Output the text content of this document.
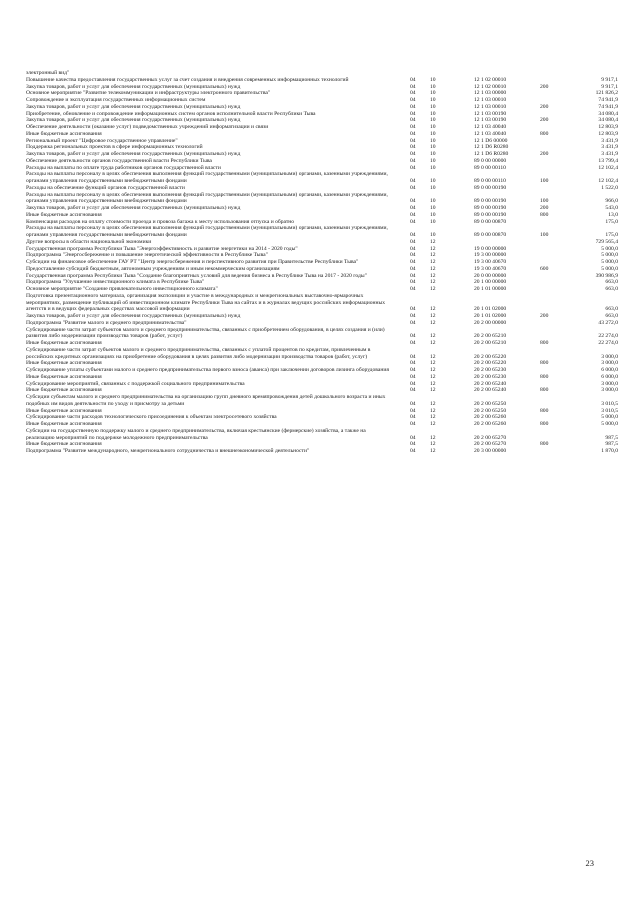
электронный вид"
Повышение качества предоставления государственных услуг за счет создания и внедрения современных информационных технологий	04	10	12 1 02 00010	9 917,1
Закупка товаров, работ и услуг для обеспечения государственных (муниципальных) нужд	04	10	12 1 02 00010	200	9 917,1
Основное мероприятие "Развитие телекоммуникации и инфраструктуры электронного правительства"	04	10	12 1 03 00000	121 826,2
Сопровождение и эксплуатация государственных информационных систем	04	10	12 1 03 00010	74 941,9
Закупка товаров, работ и услуг для обеспечения государственных (муниципальных) нужд	04	10	12 1 03 00010	200	74 941,9
Приобретение, обновление и сопровождение информационных систем органов исполнительной власти Республики Тыва	04	10	12 1 03 00190	34 080,4
Закупка товаров, работ и услуг для обеспечения государственных (муниципальных) нужд	04	10	12 1 03 00190	200	34 080,4
Обеспечение деятельности (оказание услуг) подведомственных учреждений информатизации и связи	04	10	12 1 03 40040	12 803,9
Иные бюджетные ассигнования	04	10	12 1 03 40040	800	12 803,9
Региональный проект "Цифровое государственное управление"	04	10	12 1 D6 00000	3 431,9
Поддержка региональных проектов в сфере информационных технологий	04	10	12 1 D6 R0280	3 431,9
Закупка товаров, работ и услуг для обеспечения государственных (муниципальных) нужд	04	10	12 1 D6 R0280	200	3 431,9
Обеспечение деятельности органов государственной власти Республики Тыва	04	10	89 0 00 00000	13 799,4
Расходы на выплаты по оплате труда работников органов государственной власти	04	10	89 0 00 00110	12 102,4
Расходы на выплаты персоналу в целях обеспечения выполнения функций государственными (муниципальными) органами, казенными учреждениями, органами управления государственными внебюджетными фондами	04	10	89 0 00 00110	100	12 102,4
Расходы на обеспечение функций органов государственной власти	04	10	89 0 00 00190	1 522,0
Расходы на выплаты персоналу в целях обеспечения выполнения функций государственными (муниципальными) органами, казенными учреждениями, органами управления государственными внебюджетными фондами	04	10	89 0 00 00190	100	966,0
Закупка товаров, работ и услуг для обеспечения государственных (муниципальных) нужд	04	10	89 0 00 00190	200	543,0
Иные бюджетные ассигнования	04	10	89 0 00 00190	800	13,0
Компенсация расходов на оплату стоимости проезда и провоза багажа к месту использования отпуска и обратно	04	10	89 0 00 00870	175,0
Расходы на выплаты персоналу в целях обеспечения выполнения функций государственными (муниципальными) органами, казенными учреждениями, органами управления государственными внебюджетными фондами	04	10	89 0 00 00870	100	175,0
Другие вопросы в области национальной экономики	04	12	729 565,4
Государственная программа Республики Тыва "Энергоэффективность и развитие энергетики на 2014 - 2020 годы"	04	12	19 0 00 00000	5 000,0
Подпрограмма "Энергосбережение и повышение энергетической эффективности в Республике Тыва"	04	12	19 3 00 00000	5 000,0
Субсидии на финансовое обеспечение ГАУ РТ "Центр энергосбережения и перспективного развития при Правительстве Республики Тыва"	04	12	19 3 00 40670	5 000,0
Предоставление субсидий бюджетным, автономным учреждениям и иным некоммерческим организациям	04	12	19 3 00 40670	600	5 000,0
Государственная программа Республики Тыва "Создание благоприятных условий для ведения бизнеса в Республике Тыва на 2017 - 2020 годы"	04	12	20 0 00 00000	390 986,9
Подпрограмма "Улучшение инвестиционного климата в Республике Тыва"	04	12	20 1 00 00000	663,0
Основное мероприятие "Создание привлекательного инвестиционного климата"	04	12	20 1 01 00000	663,0
Подготовка презентационного материала, организация экспозиции и участие в международных и межрегиональных выставочно-ярмарочных мероприятиях, размещение публикаций об инвестиционном климате Республики Тыва на сайтах и в журналах ведущих российских информационных агентств и в ведущих федеральных средствах массовой информации	04	12	20 1 01 02000	663,0
Закупка товаров, работ и услуг для обеспечения государственных (муниципальных) нужд	04	12	20 1 01 02000	200	663,0
Подпрограмма "Развитие малого и среднего предпринимательства"	04	12	20 2 00 00000	43 272,0
Субсидирование части затрат субъектов малого и среднего предпринимательства, связанных с приобретением оборудования, в целях создания и (или) развития либо модернизации производства товаров (работ, услуг)	04	12	20 2 00 65210	22 274,0
Иные бюджетные ассигнования	04	12	20 2 00 65210	800	22 274,0
Субсидирование части затрат субъектов малого и среднего предпринимательства, связанных с уплатой процентов по кредитам, привлеченным в российских кредитных организациях на приобретение оборудования в целях развития либо модернизации производства товаров (работ, услуг)	04	12	20 2 00 65220	3 000,0
Иные бюджетные ассигнования	04	12	20 2 00 65220	800	3 000,0
Субсидирование уплаты субъектами малого и среднего предпринимательства первого взноса (аванса) при заключении договоров лизинга оборудования	04	12	20 2 00 65230	6 000,0
Иные бюджетные ассигнования	04	12	20 2 00 65230	800	6 000,0
Субсидирование мероприятий, связанных с поддержкой социального предпринимательства	04	12	20 2 00 65240	3 000,0
Иные бюджетные ассигнования	04	12	20 2 00 65240	800	3 000,0
Субсидии субъектам малого и среднего предпринимательства на организацию групп дневного времяпровождения детей дошкольного возраста и иных подобных им видов деятельности по уходу и присмотру за детьми	04	12	20 2 00 65250	3 010,5
Иные бюджетные ассигнования	04	12	20 2 00 65250	800	3 010,5
Субсидирование части расходов технологического присоединения к объектам электросетевого хозяйства	04	12	20 2 00 65260	5 000,0
Иные бюджетные ассигнования	04	12	20 2 00 65260	800	5 000,0
Субсидии на государственную поддержку малого и среднего предпринимательства, включая крестьянские (фермерские) хозяйства, а также на реализацию мероприятий по поддержке молодежного предпринимательства	04	12	20 2 00 65270	987,5
Иные бюджетные ассигнования	04	12	20 2 00 65270	800	987,5
Подпрограмма "Развитие международного, межрегионального сотрудничества и внешнеэкономической деятельности"	04	12	20 3 00 00000	1 870,0
23
